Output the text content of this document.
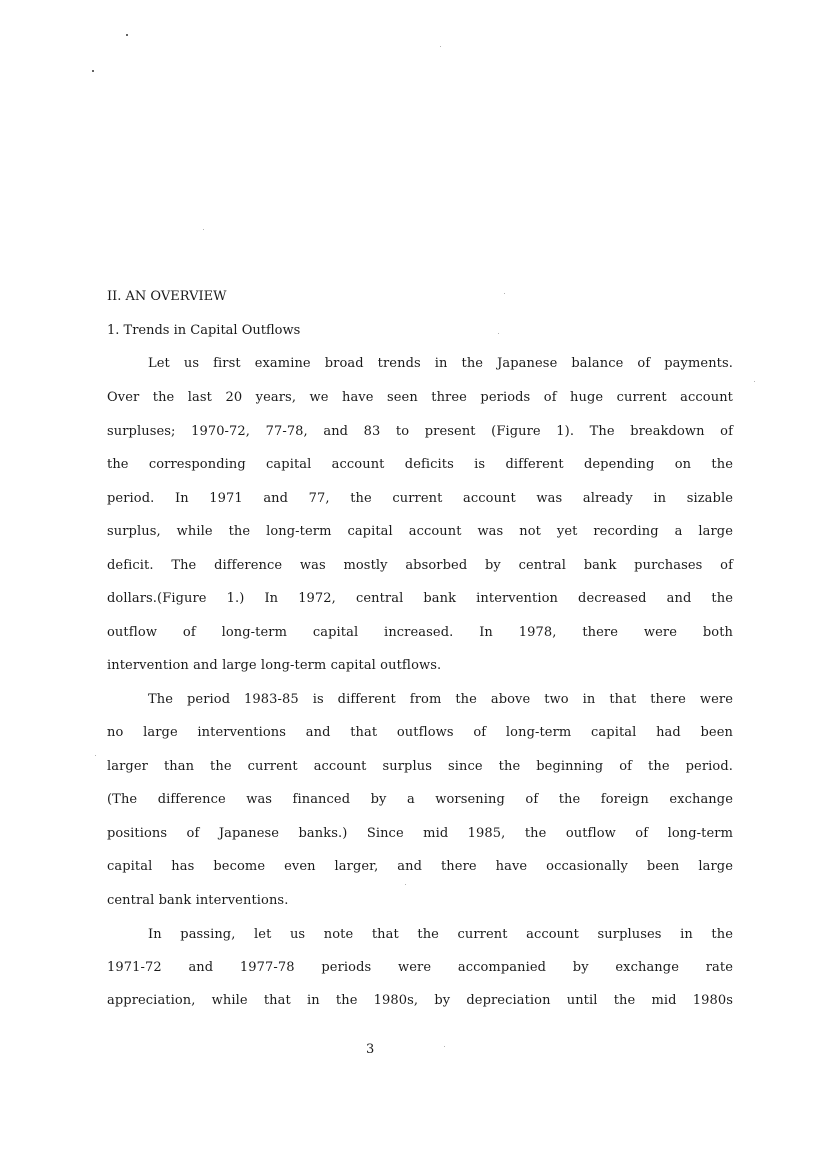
II. AN OVERVIEW
1. Trends in Capital Outflows
Let us first examine broad trends in the Japanese balance of payments.
Over the last 20 years, we have seen three periods of huge current account
surpluses; 1970-72, 77-78, and 83 to present (Figure 1). The breakdown of
the corresponding capital account deficits is different depending on the
period. In 1971 and 77, the current account was already in sizable
surplus, while the long-term capital account was not yet recording a large
deficit. The difference was mostly absorbed by central bank purchases of
dollars.(Figure 1.) In 1972, central bank intervention decreased and the
outflow of long-term capital increased. In 1978, there were both
intervention and large long-term capital outflows.
The period 1983-85 is different from the above two in that there were
no large interventions and that outflows of long-term capital had been
larger than the current account surplus since the beginning of the period.
(The difference was financed by a worsening of the foreign exchange
positions of Japanese banks.) Since mid 1985, the outflow of long-term
capital has become even larger, and there have occasionally been large
central bank interventions.
In passing, let us note that the current account surpluses in the
1971-72 and 1977-78 periods were accompanied by exchange rate
appreciation, while that in the 1980s, by depreciation until the mid 1980s
3
